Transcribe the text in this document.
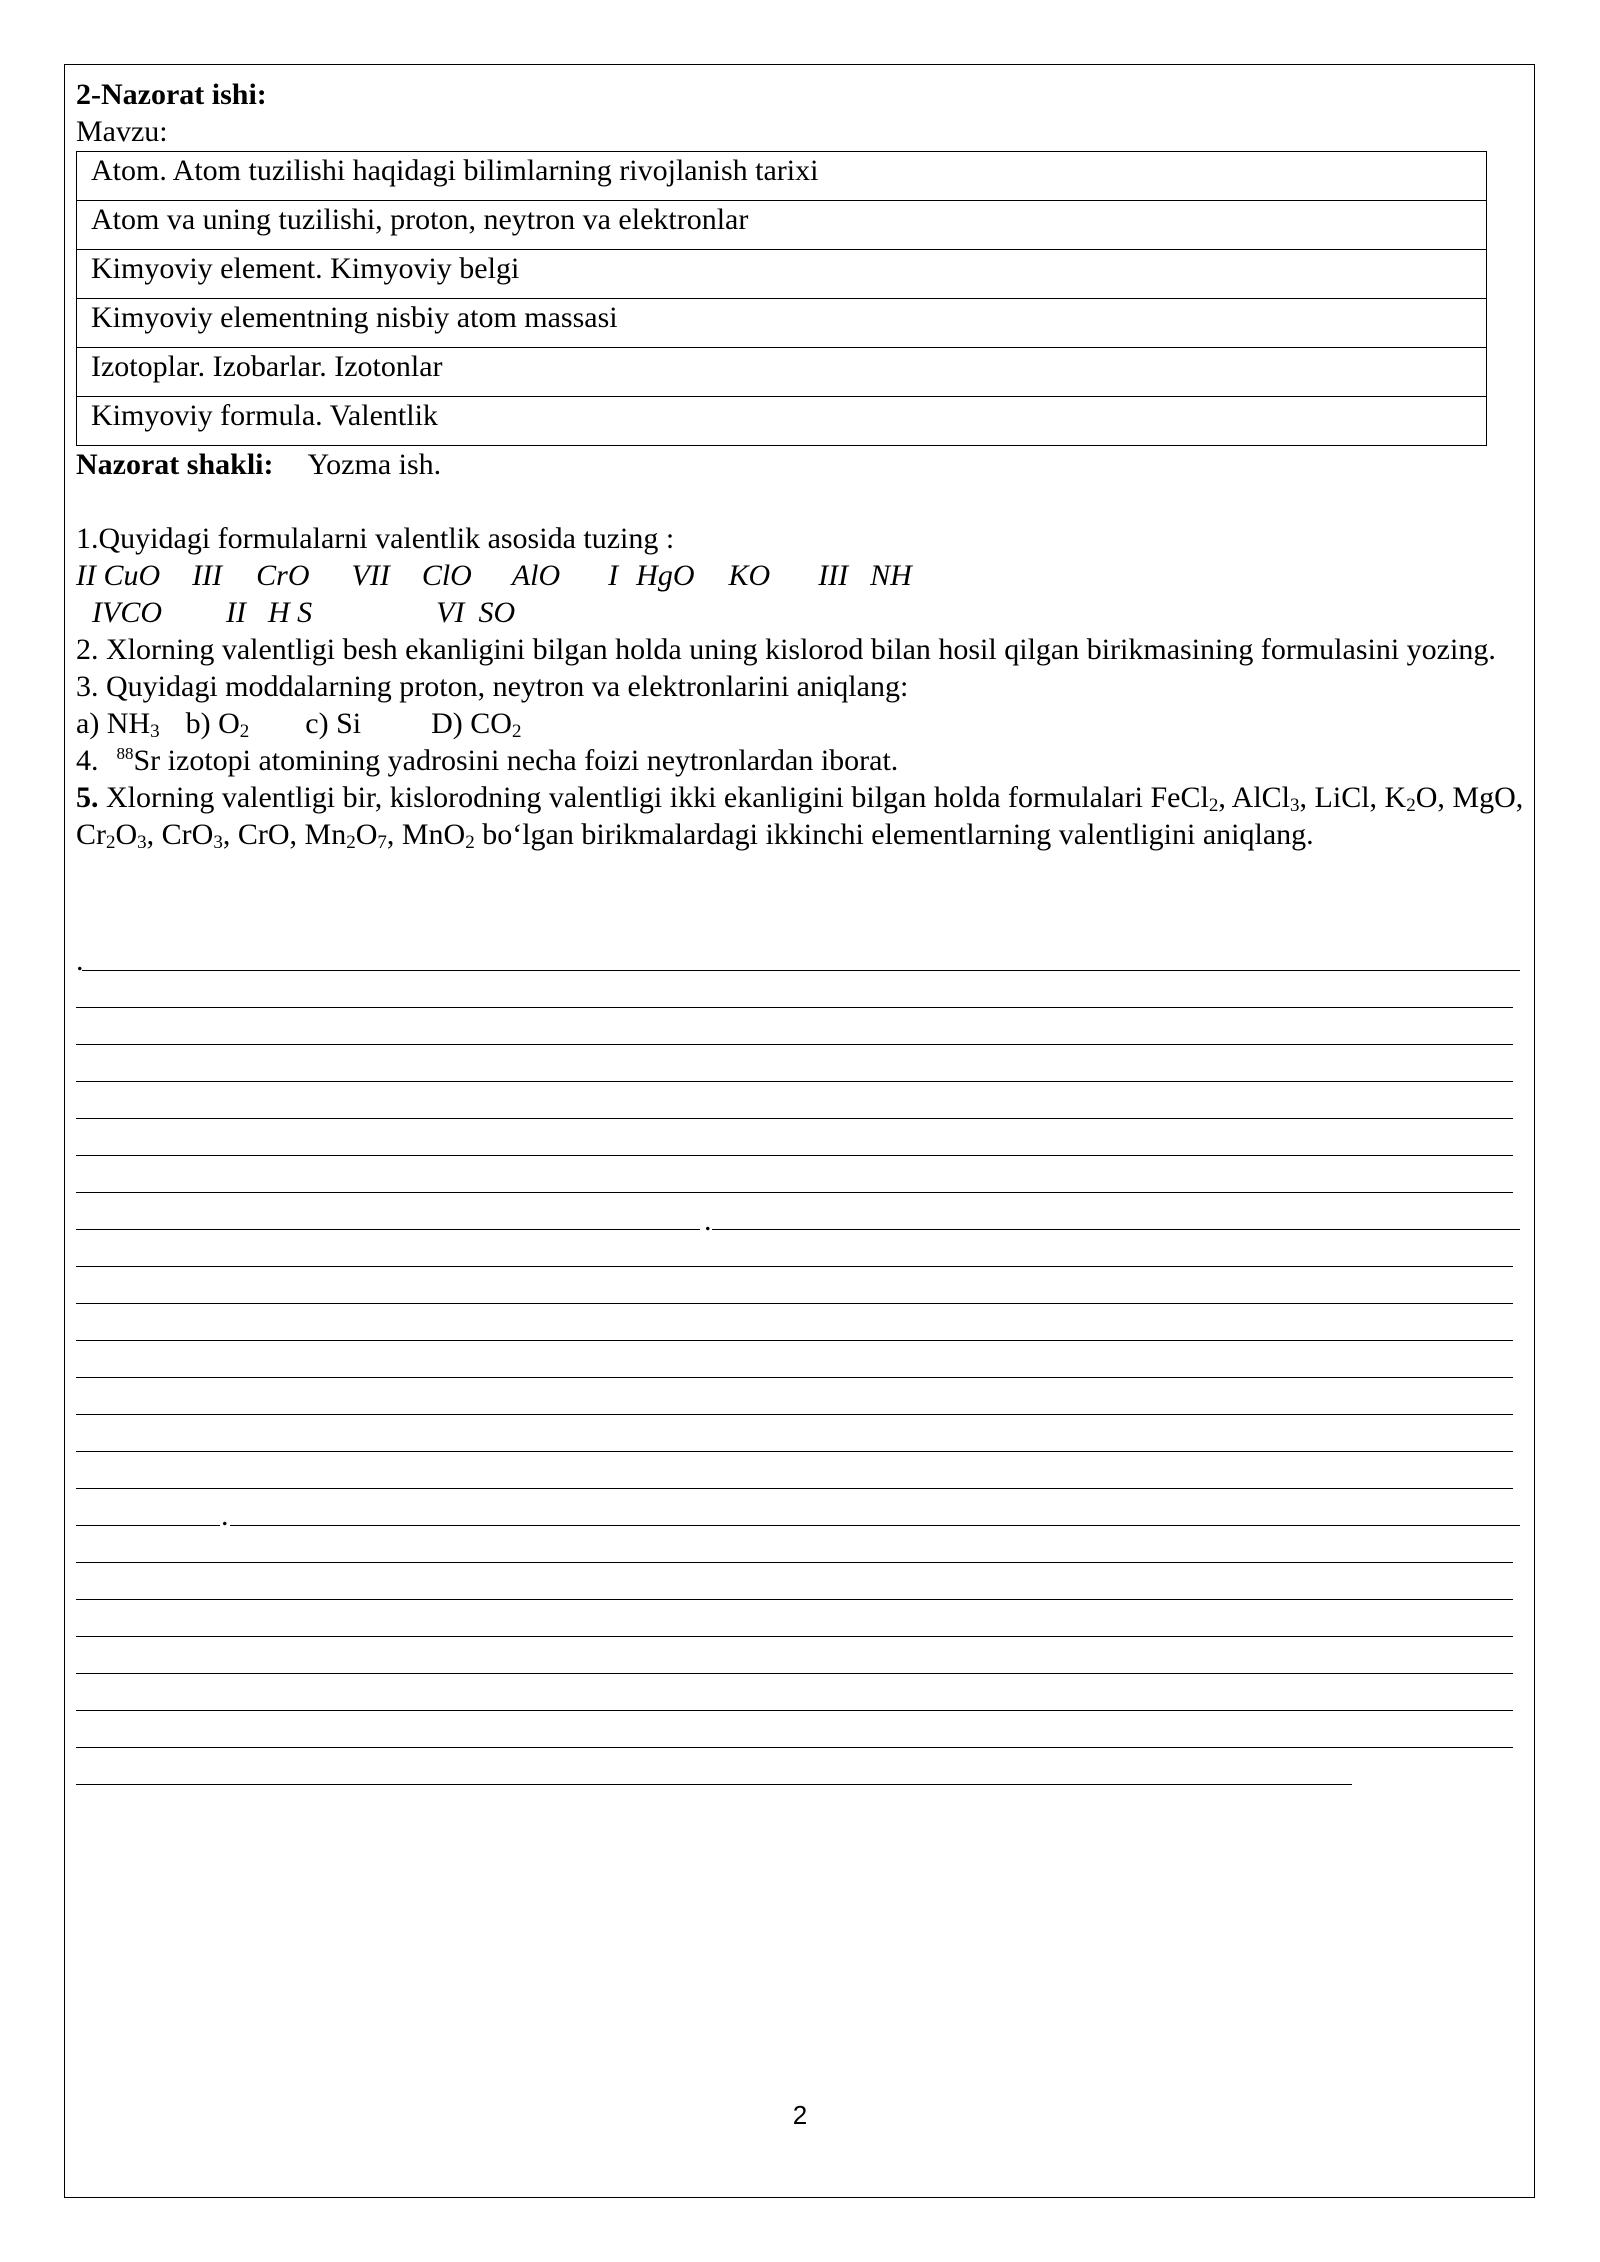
2-Nazorat ishi:
Mavzu:
Atom. Atom tuzilishi haqidagi bilimlarning rivojlanish tarixi
Atom va uning tuzilishi, proton, neytron va elektronlar
Kimyoviy element. Kimyoviy belgi
Kimyoviy elementning nisbiy atom massasi
Izotoplar. Izobarlar. Izotonlar
Kimyoviy formula. Valentlik
Nazorat shakli: Yozma ish.
1.Quyidagi formulalarni valentlik asosida tuzing :
II CuO III CrO VII ClO AlO I HgO KO III NH
IVCO II H S	VI SO
2. Xlorning valentligi besh ekanligini bilgan holda uning kislorod bilan hosil qilgan birikmasining formulasini yozing.
3. Quyidagi moddalarning proton, neytron va elektronlarini aniqlang:
a) $NH_3$ b) $O_2$ c) Si D) $CO_2$
4. $^{88}$Sr izotopi atomining yadrosini necha foizi neytronlardan iborat.
5. Xlorning valentligi bir, kislorodning valentligi ikki ekanligini bilgan holda formulalari FeCl$_2$, AlCl$_3$, LiCl, $K_2O$, MgO, $Cr_2O_3$, CrO$_3$, CrO, $Mn_2O_7$, MnO$_2$ bo‘lgan birikmalardagi ikkinchi elementlarning valentligini aniqlang.
.
.
.
2
